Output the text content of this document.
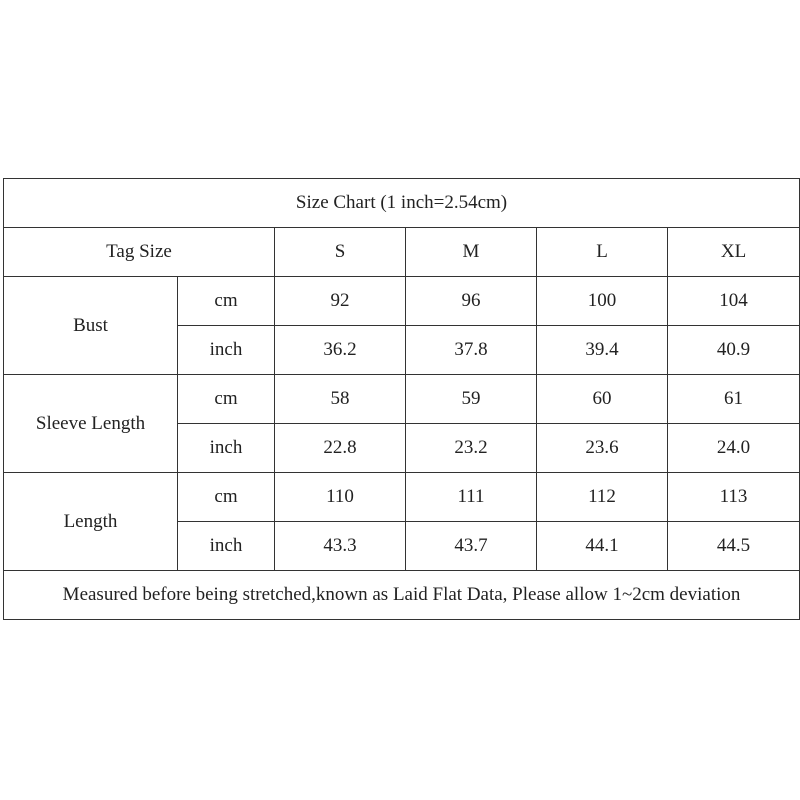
Size Chart (1 inch=2.54cm)					
Tag Size		S	M	L	XL
Bust	cm	92	96	100	104
	inch	36.2	37.8	39.4	40.9
Sleeve Length	cm	58	59	60	61
	inch	22.8	23.2	23.6	24.0
Length	cm	110	111	112	113
	inch	43.3	43.7	44.1	44.5
Measured before being stretched,known as Laid Flat Data, Please allow 1~2cm deviation					
